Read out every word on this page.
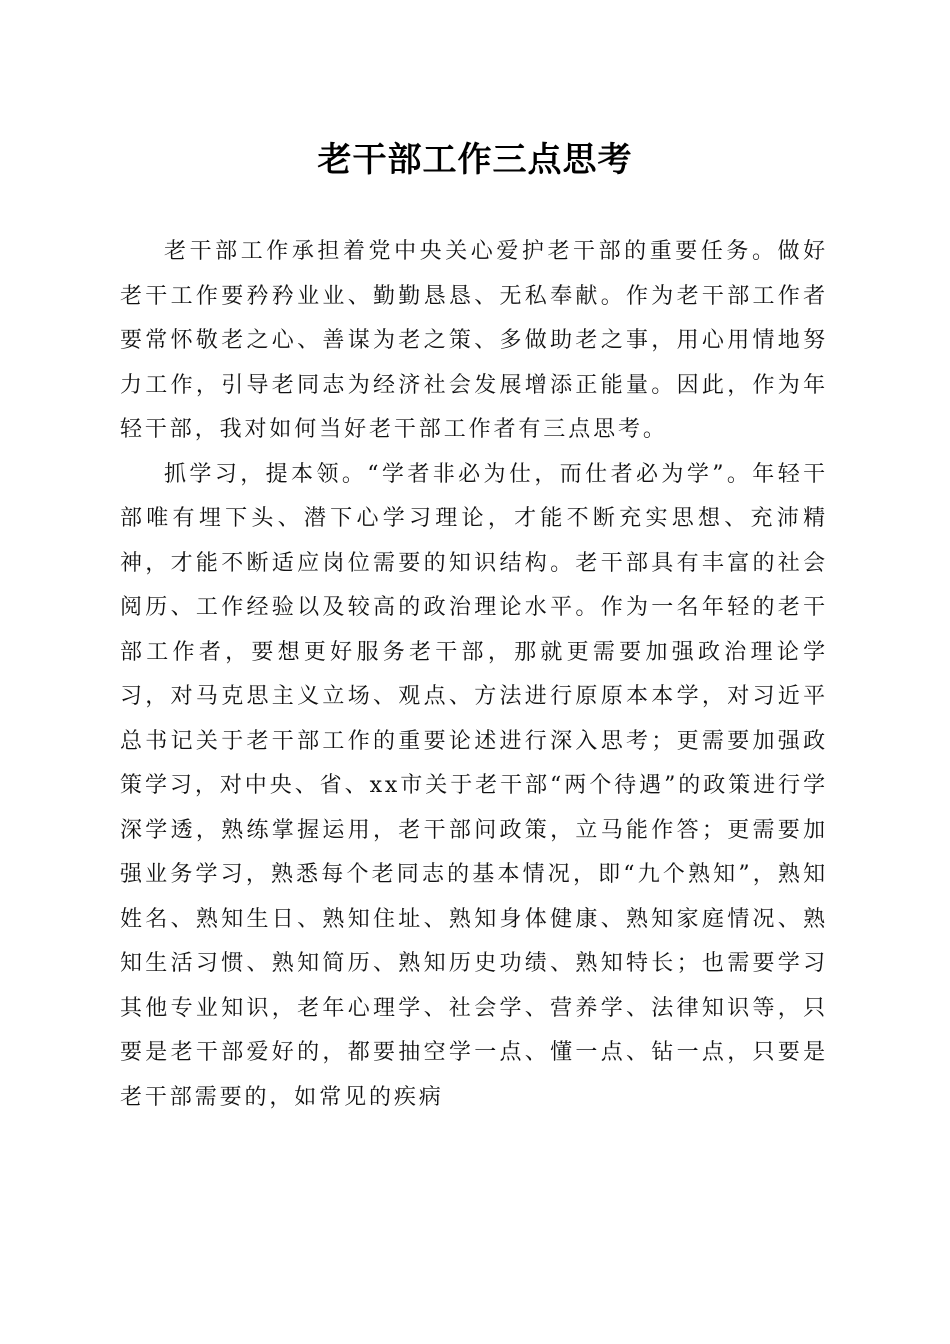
老干部工作三点思考

老干部工作承担着党中央关心爱护老干部的重要任务。做好老干工作要矜矜业业、勤勤恳恳、无私奉献。作为老干部工作者要常怀敬老之心、善谋为老之策、多做助老之事，用心用情地努力工作，引导老同志为经济社会发展增添正能量。因此，作为年轻干部，我对如何当好老干部工作者有三点思考。

抓学习，提本领。“学者非必为仕，而仕者必为学”。年轻干部唯有埋下头、潜下心学习理论，才能不断充实思想、充沛精神，才能不断适应岗位需要的知识结构。老干部具有丰富的社会阅历、工作经验以及较高的政治理论水平。作为一名年轻的老干部工作者，要想更好服务老干部，那就更需要加强政治理论学习，对马克思主义立场、观点、方法进行原原本本学，对习近平总书记关于老干部工作的重要论述进行深入思考；更需要加强政策学习，对中央、省、xx市关于老干部“两个待遇”的政策进行学深学透，熟练掌握运用，老干部问政策，立马能作答；更需要加强业务学习，熟悉每个老同志的基本情况，即“九个熟知”，熟知姓名、熟知生日、熟知住址、熟知身体健康、熟知家庭情况、熟知生活习惯、熟知简历、熟知历史功绩、熟知特长；也需要学习其他专业知识，老年心理学、社会学、营养学、法律知识等，只要是老干部爱好的，都要抽空学一点、懂一点、钻一点，只要是老干部需要的，如常见的疾病
